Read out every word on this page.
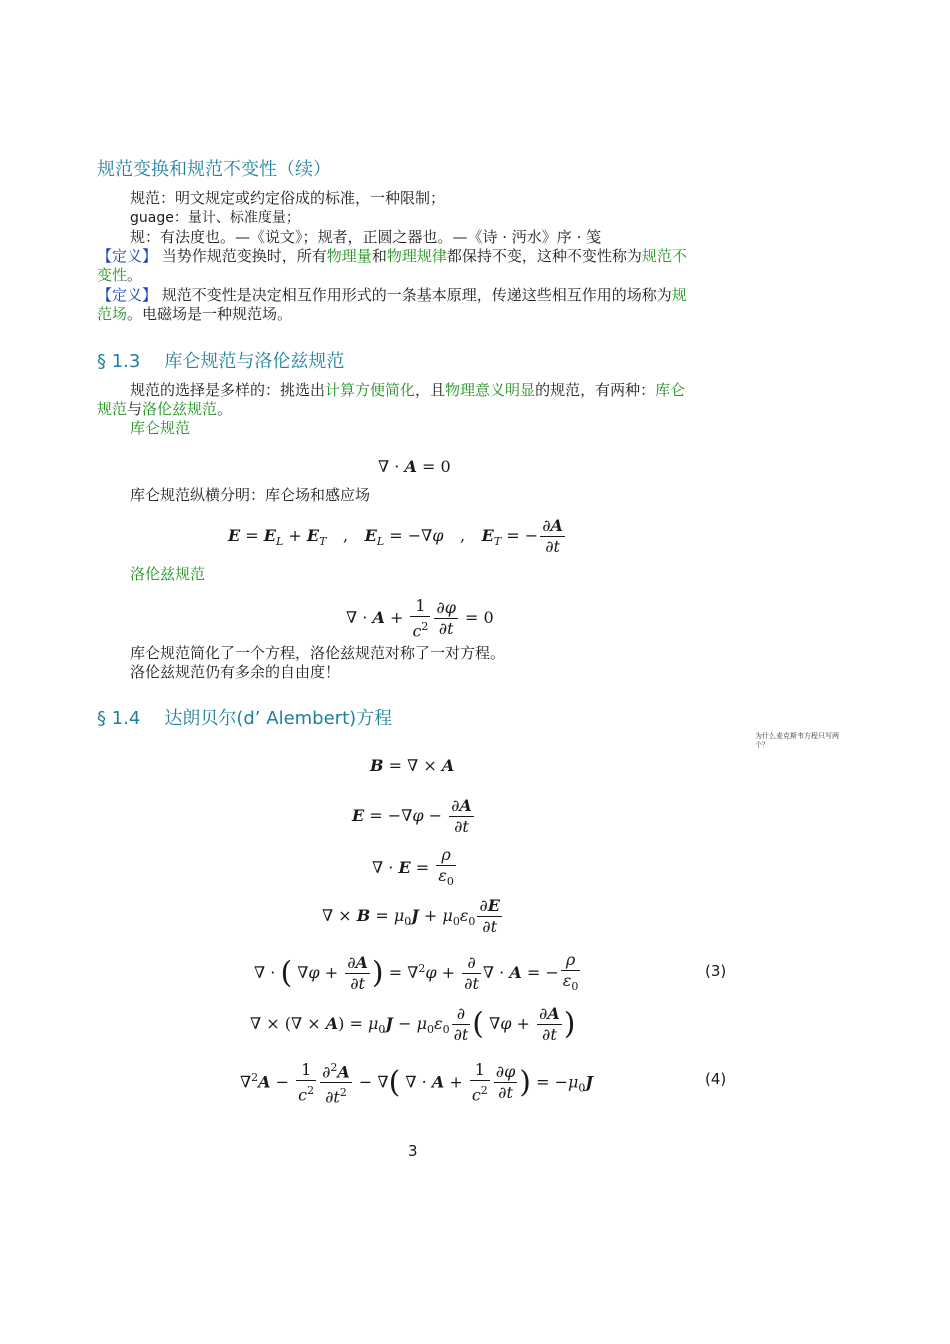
规范变换和规范不变性（续）
规范：明文规定或约定俗成的标准，一种限制；
guage：量计、标准度量；
规：有法度也。—《说文》；规者，正圆之器也。—《诗 · 沔水》序 · 笺
【定义】 当势作规范变换时，所有物理量和物理规律都保持不变，这种不变性称为规范不
变性。
【定义】 规范不变性是决定相互作用形式的一条基本原理，传递这些相互作用的场称为规
范场。电磁场是一种规范场。
§ 1.3 库仑规范与洛伦兹规范
规范的选择是多样的：挑选出计算方便简化，且物理意义明显的规范，有两种：库仑
规范与洛伦兹规范。
库仑规范
∇ · A = 0
库仑规范纵横分明：库仑场和感应场
$E = E_L + E_T$ , $E_L = -\nabla\varphi$ , $E_T$ = − $\frac{\partial A}{\partial t}$
洛伦兹规范
∇ · $A + \frac{1}{c^2} \frac{\partial\varphi}{\partial t} = 0$
库仑规范简化了一个方程，洛伦兹规范对称了一对方程。
洛伦兹规范仍有多余的自由度！
§ 1.4 达朗贝尔(d’ Alembert)方程
为什么麦克斯韦方程只写两
个？
B = ∇ × A
$E = -\nabla\varphi - \frac{\partial A}{\partial t}$
∇ · $E = \frac{\rho}{\varepsilon_0}$
∇ × $B = \mu_0J + \mu_0\varepsilon_0 \frac{\partial E}{\partial t}$
∇ · ( $\nabla\varphi + \frac{\partial A}{\partial t}$ ) = $\nabla^2\varphi + \frac{\partial}{\partial t}$ ∇ · A = − $\frac{\rho}{\varepsilon_0}$	(3)
∇ × (∇ × $A) = \mu_0J - \mu_0\varepsilon_0 \frac{\partial}{\partial t}$ ( $\nabla\varphi + \frac{\partial A}{\partial t}$ )
$\nabla^2A - \frac{1}{c^2} \frac{\partial^2A}{\partial t^2}$ − ∇( ∇ · $A + \frac{1}{c^2} \frac{\partial\varphi}{\partial t}$ ) = $-\mu_0J$	(4)
3
